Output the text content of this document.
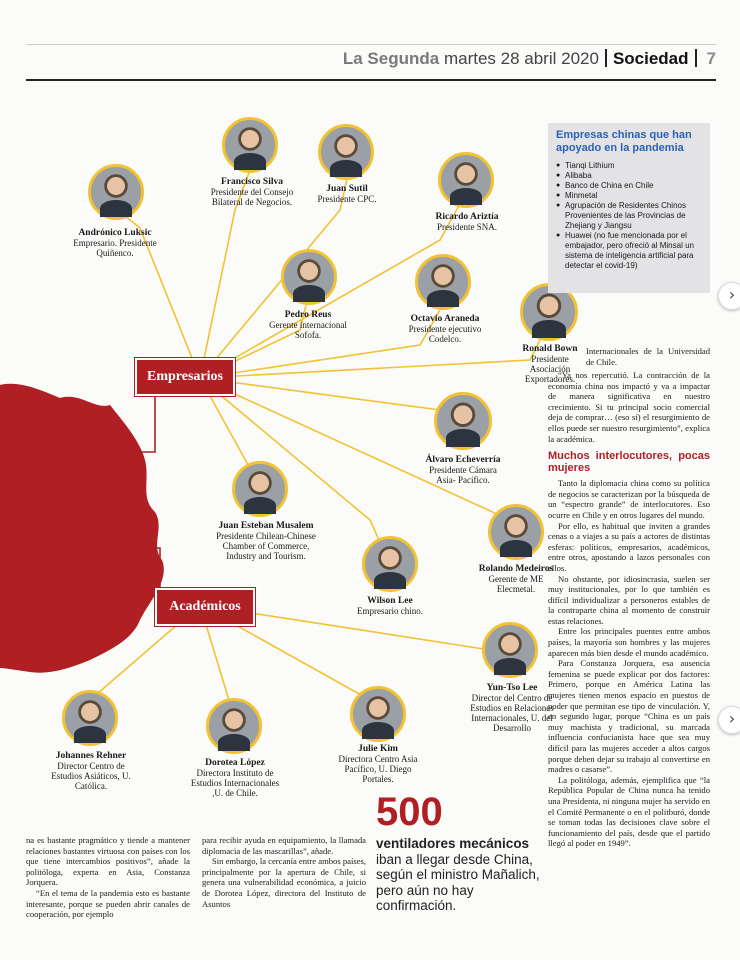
La Segunda martes 28 abril 2020 Sociedad 7
Empresarios
Académicos
Andrónico Luksic
Empresario. Presidente Quiñenco.
Francisco Silva
Presidente del Consejo Bilateral de Negocios.
Juan Sutil
Presidente CPC.
Ricardo Ariztía
Presidente SNA.
Pedro Reus
Gerente internacional Sofofa.
Octavio Araneda
Presidente ejecutivo Codelco.
Ronald Bown
Presidente Asociación Exportadores.
Álvaro Echeverría
Presidente Cámara Asia- Pacífico.
Juan Esteban Musalem
Presidente Chilean-Chinese Chamber of Commerce, Industry and Tourism.
Rolando Medeiros
Gerente de ME Elecmetal.
Wilson Lee
Empresario chino.
Yun-Tso Lee
Director del Centro de Estudios en Relaciones Internacionales, U. del Desarrollo
Johannes Rehner
Director Centro de Estudios Asiáticos, U. Católica.
Dorotea López
Directora Instituto de Estudios Internacionales ,U. de Chile.
Julie Kim
Directora Centro Asia Pacífico, U. Diego Portales.
Empresas chinas que han apoyado en la pandemia
● Tianqi Lithium
● Alibaba
● Banco de China en Chile
● Minmetal
● Agrupación de Residentes Chinos Provenientes de las Provincias de Zhejiang y Jiangsu
● Huawei (no fue mencionada por el embajador, pero ofreció al Minsal un sistema de inteligencia artificial para detectar el covid-19)

Internacionales de la Universidad de Chile.

“Ya nos repercutió. La contracción de la economía china nos impactó y va a impactar de manera significativa en nuestro crecimiento. Si tu principal socio comercial deja de comprar… (eso sí) el resurgimiento de ellos puede ser nuestro resurgimiento”, explica la académica.

Muchos interlocutores, pocas mujeres

Tanto la diplomacia china como su política de negocios se caracterizan por la búsqueda de un “espectro grande” de interlocutores. Eso ocurre en Chile y en otros lugares del mundo.

Por ello, es habitual que inviten a grandes cenas o a viajes a su país a actores de distintas esferas: políticos, empresarios, académicos, entre otros, apostando a lazos personales con ellos.

No obstante, por idiosincrasia, suelen ser muy institucionales, por lo que también es difícil individualizar a personeros estables de la contraparte china al momento de construir estas relaciones.

Entre los principales puentes entre ambos países, la mayoría son hombres y las mujeres aparecen más bien desde el mundo académico.

Para Constanza Jorquera, esa ausencia femenina se puede explicar por dos factores: Primero, porque en América Latina las mujeres tienen menos espacio en puestos de poder que permitan ese tipo de vinculación. Y, en segundo lugar, porque “China es un país muy machista y tradicional, su marcada influencia confucianista hace que sea muy difícil para las mujeres acceder a altos cargos porque deben dejar su trabajo al convertirse en madres o casarse”.

La politóloga, además, ejemplifica que “la República Popular de China nunca ha tenido una Presidenta, ni ninguna mujer ha servido en el Comité Permanente o en el politburó, donde se toman todas las decisiones clave sobre el funcionamiento del país, desde que el partido llegó al poder en 1949”.

na es bastante pragmático y tiende a mantener relaciones bastantes virtuosa con países con los que tiene intercambios positivos”, añade la politóloga, experta en Asia, Constanza Jorquera.

“En el tema de la pandemia esto es bastante interesante, porque se pueden abrir canales de cooperación, por ejemplo

para recibir ayuda en equipamiento, la llamada diplomacia de las mascarillas”, añade.

Sin embargo, la cercanía entre ambos países, principalmente por la apertura de Chile, si genera una vulnerabilidad económica, a juicio de Dorotea López, directora del Instituto de Asuntos

500
ventiladores mecánicos iban a llegar desde China, según el ministro Mañalich, pero aún no hay confirmación.
›
›
